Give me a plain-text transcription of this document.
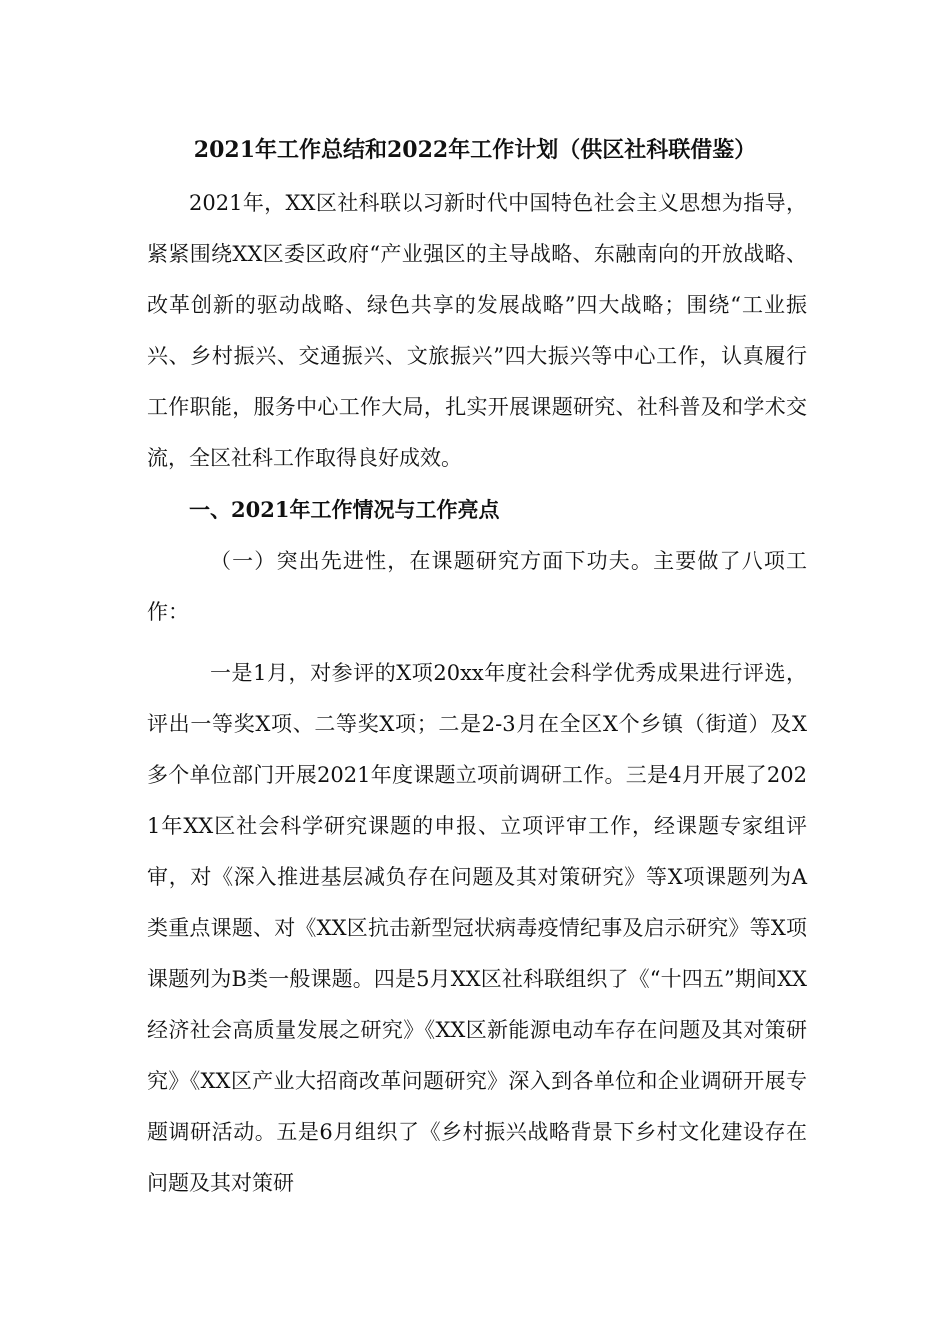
2021年工作总结和2022年工作计划（供区社科联借鉴）

2021年，XX区社科联以习新时代中国特色社会主义思想为指导，紧紧围绕XX区委区政府“产业强区的主导战略、东融南向的开放战略、改革创新的驱动战略、绿色共享的发展战略”四大战略；围绕“工业振兴、乡村振兴、交通振兴、文旅振兴”四大振兴等中心工作，认真履行工作职能，服务中心工作大局，扎实开展课题研究、社科普及和学术交流，全区社科工作取得良好成效。

一、2021年工作情况与工作亮点

（一）突出先进性，在课题研究方面下功夫。主要做了八项工作：

一是1月，对参评的X项20xx年度社会科学优秀成果进行评选，评出一等奖X项、二等奖X项；二是2-3月在全区X个乡镇（街道）及X多个单位部门开展2021年度课题立项前调研工作。三是4月开展了2021年XX区社会科学研究课题的申报、立项评审工作，经课题专家组评审，对《深入推进基层减负存在问题及其对策研究》等X项课题列为A类重点课题、对《XX区抗击新型冠状病毒疫情纪事及启示研究》等X项课题列为B类一般课题。四是5月XX区社科联组织了《“十四五”期间XX经济社会高质量发展之研究》《XX区新能源电动车存在问题及其对策研究》《XX区产业大招商改革问题研究》深入到各单位和企业调研开展专题调研活动。五是6月组织了《乡村振兴战略背景下乡村文化建设存在问题及其对策研
